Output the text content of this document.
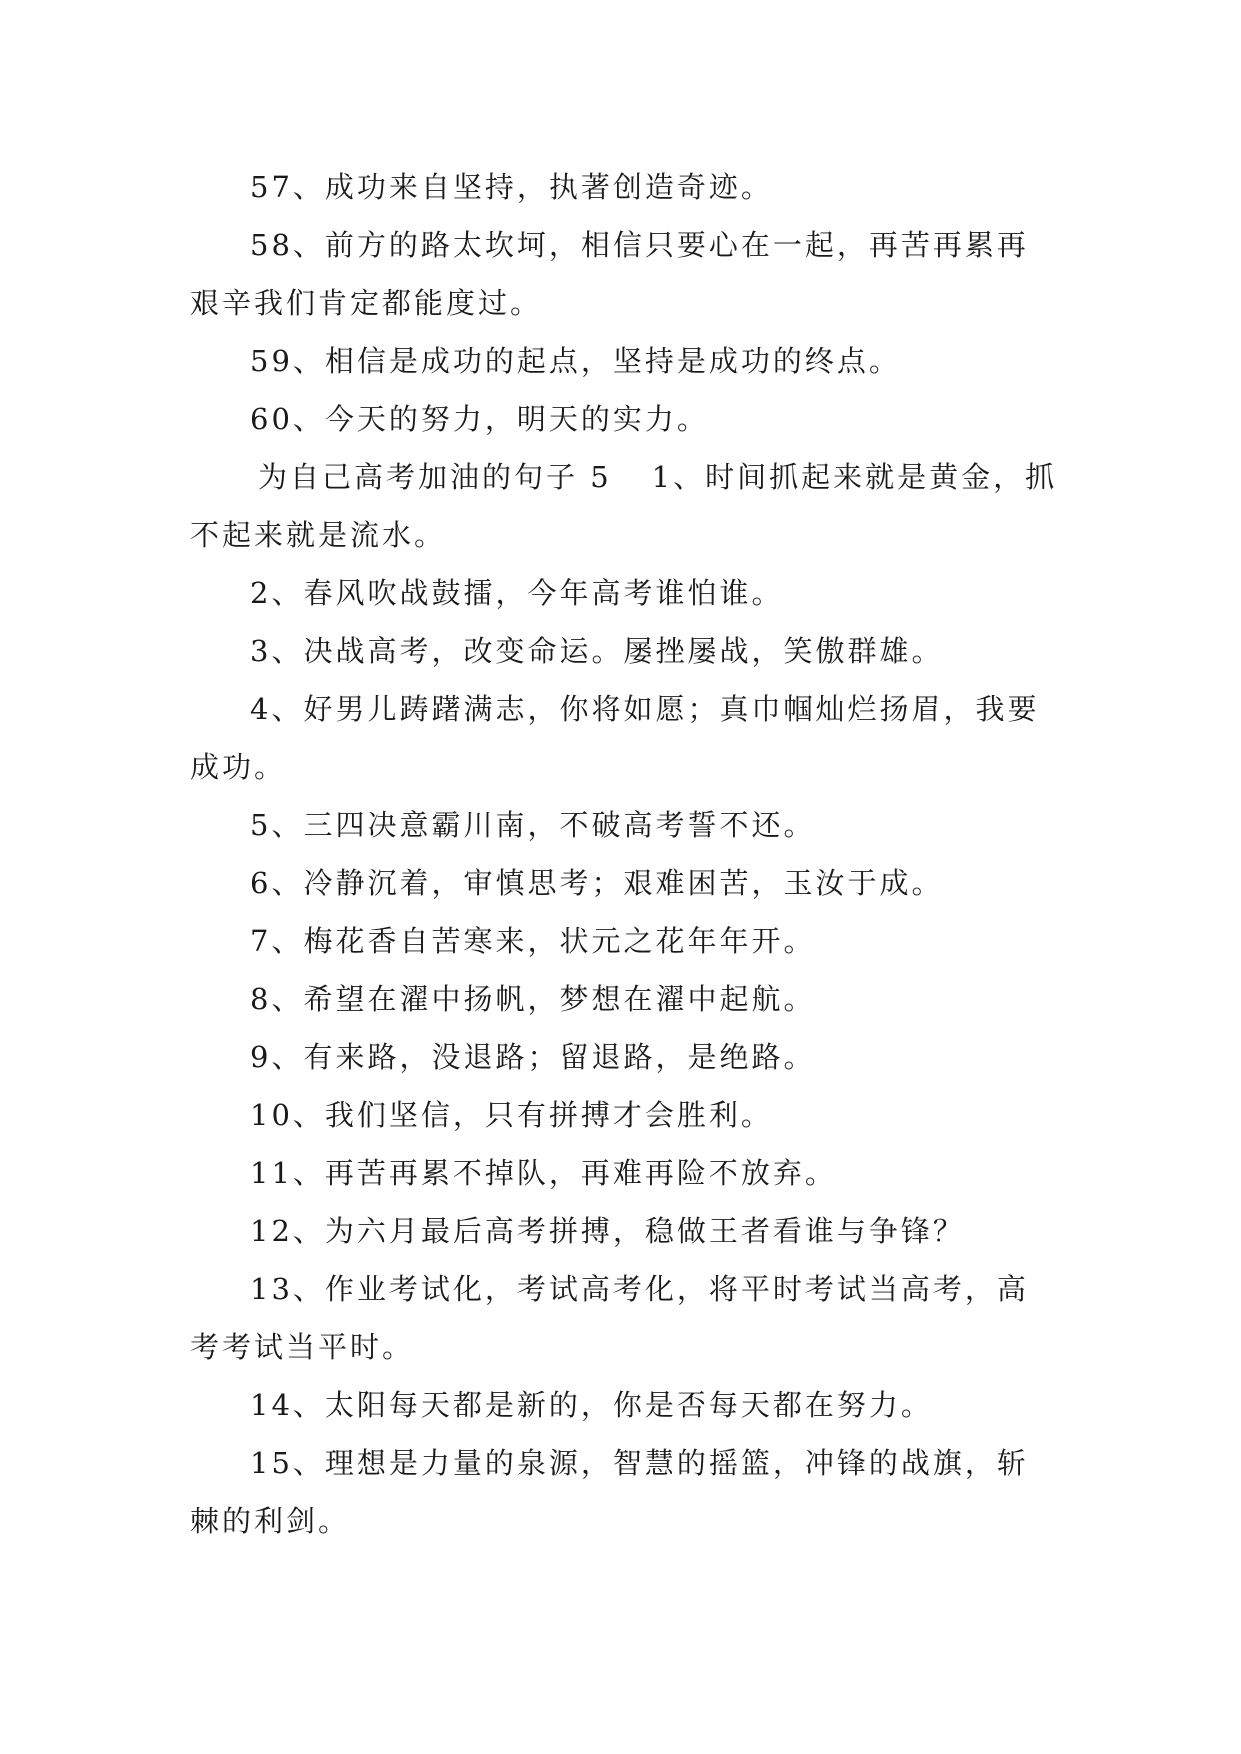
57、成功来自坚持，执著创造奇迹。

58、前方的路太坎坷，相信只要心在一起，再苦再累再艰辛我们肯定都能度过。

59、相信是成功的起点，坚持是成功的终点。

60、今天的努力，明天的实力。

为自己高考加油的句子 5 1、时间抓起来就是黄金，抓不起来就是流水。

2、春风吹战鼓擂，今年高考谁怕谁。

3、决战高考，改变命运。屡挫屡战，笑傲群雄。

4、好男儿踌躇满志，你将如愿；真巾帼灿烂扬眉，我要成功。

5、三四决意霸川南，不破高考誓不还。

6、冷静沉着，审慎思考；艰难困苦，玉汝于成。

7、梅花香自苦寒来，状元之花年年开。

8、希望在濯中扬帆，梦想在濯中起航。

9、有来路，没退路；留退路，是绝路。

10、我们坚信，只有拼搏才会胜利。

11、再苦再累不掉队，再难再险不放弃。

12、为六月最后高考拼搏，稳做王者看谁与争锋？

13、作业考试化，考试高考化，将平时考试当高考，高考考试当平时。

14、太阳每天都是新的，你是否每天都在努力。

15、理想是力量的泉源，智慧的摇篮，冲锋的战旗，斩棘的利剑。
